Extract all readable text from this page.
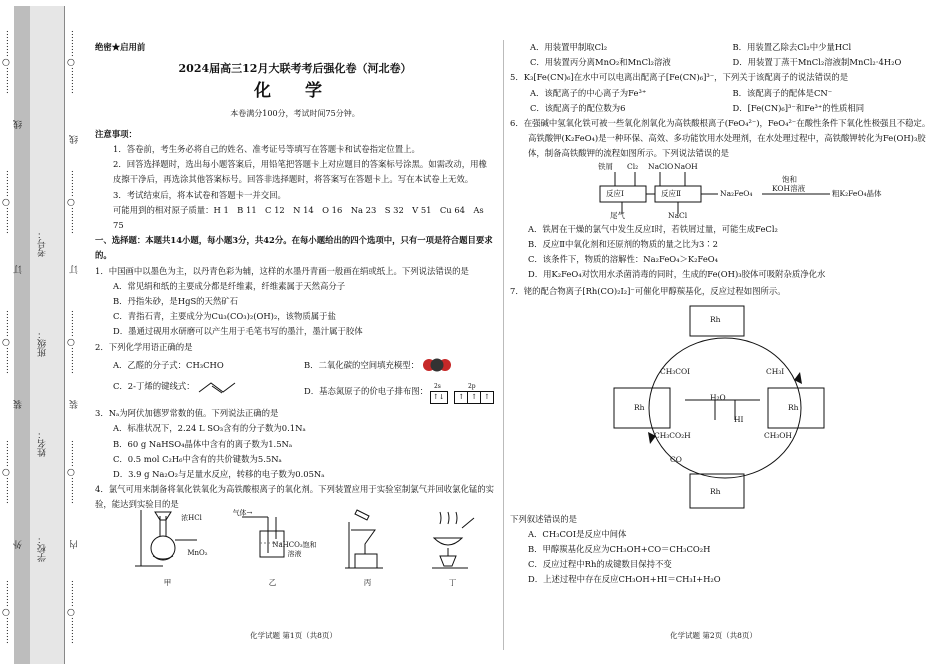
线
订
装
外
………○………
………○………
………○………
………○………
………○………
考号：
班级：
姓名：
学校：
………○………
………○………
………○………
………○………
………○………
线
订
装
内

绝密★启用前

2024届高三12月大联考考后强化卷（河北卷）

化 学

本卷满分100分，考试时间75分钟。

注意事项：

1．答卷前，考生务必将自己的姓名、准考证号等填写在答题卡和试卷指定位置上。

2．回答选择题时，选出每小题答案后，用铅笔把答题卡上对应题目的答案标号涂黑。如需改动，用橡皮擦干净后，再选涂其他答案标号。回答非选择题时，将答案写在答题卡上。写在本试卷上无效。

3．考试结束后，将本试卷和答题卡一并交回。

可能用到的相对原子质量：H 1　B 11　C 12　N 14　O 16　Na 23　S 32　V 51　Cu 64　As 75

一、选择题：本题共14小题，每小题3分，共42分。在每小题给出的四个选项中，只有一项是符合题目要求的。

1．中国画中以墨色为主，以丹青色彩为辅，这样的水墨丹青画一般画在绢或纸上。下列说法错误的是

A．常见绢和纸的主要成分都是纤维素，纤维素属于天然高分子

B．丹指朱砂，是HgS的天然矿石

C．青指石青，主要成分为Cu₃(CO₃)₂(OH)₂，该物质属于盐

D．墨通过砚用水研磨可以产生用于毛笔书写的墨汁，墨汁属于胶体

2．下列化学用语正确的是

A．乙醛的分子式：CH₃CHO	B．二氧化碳的空间填充模型：
C．2-丁烯的键线式：	D．基态氮原子的价电子排布图： 2s	2p
↑↓ ↑ ↑ ↑

3．Nₐ为阿伏加德罗常数的值。下列说法正确的是

A．标准状况下，2.24 L SO₃含有的分子数为0.1Nₐ

B．60 g NaHSO₄晶体中含有的离子数为1.5Nₐ

C．0.5 mol C₂H₆中含有的共价键数为5.5Nₐ

D．3.9 g Na₂O₂与足量水反应，转移的电子数为0.05Nₐ

4．氯气可用来制备将氧化铁氧化为高铁酸根离子的氧化剂。下列装置应用于实验室制氯气并回收氯化锰的实验，能达到实验目的是

浓HCl
MnO₂
甲
气体→
NaHCO₃饱和溶液
乙	丙	丁
化学试题 第1页（共8页）
A．用装置甲制取Cl₂	B．用装置乙除去Cl₂中少量HCl
C．用装置丙分离MnO₂和MnCl₂溶液	D．用装置丁蒸干MnCl₂溶液制MnCl₂·4H₂O

5．K₃[Fe(CN)₆]在水中可以电离出配离子[Fe(CN)₆]³⁻，下列关于该配离子的说法错误的是

A．该配离子的中心离子为Fe³⁺	B．该配离子的配体是CN⁻
C．该配离子的配位数为6	D．[Fe(CN)₆]³⁻和Fe³⁺的性质相同

6．在强碱中氢氧化铁可被一些氧化剂氧化为高铁酸根离子(FeO₄²⁻)，FeO₄²⁻在酸性条件下氧化性极强且不稳定。

高铁酸钾(K₂FeO₄)是一种环保、高效、多功能饮用水处理剂，在水处理过程中，高铁酸钾转化为Fe(OH)₃胶体，制备高铁酸钾的流程如图所示。下列说法错误的是

铁屑 Cl₂ NaClO NaOH
反应Ⅰ	反应Ⅱ
尾气	NaCl
Na₂FeO₄
饱和
KOH溶液
粗K₂FeO₄晶体

A．铁屑在干燥的氯气中发生反应Ⅰ时，若铁屑过量，可能生成FeCl₂

B．反应Ⅱ中氧化剂和还原剂的物质的量之比为3∶2

C．该条件下，物质的溶解性：Na₂FeO₄＞K₂FeO₄

D．用K₂FeO₄对饮用水杀菌消毒的同时，生成的Fe(OH)₃胶体可吸附杂质净化水

7．铑的配合物离子[Rh(CO)₂I₂]⁻可催化甲醇羰基化，反应过程如图所示。

Rh
Rh	Rh
Rh
CH₃COI	CH₃I
H₂O
HI
CH₃CO₂H	CH₃OH
CO

下列叙述错误的是

A．CH₃COI是反应中间体

B．甲醇羰基化反应为CH₃OH+CO＝CH₃CO₂H

C．反应过程中Rh的成键数目保持不变

D．上述过程中存在反应CH₃OH+HI＝CH₃I+H₂O

化学试题 第2页（共8页）
